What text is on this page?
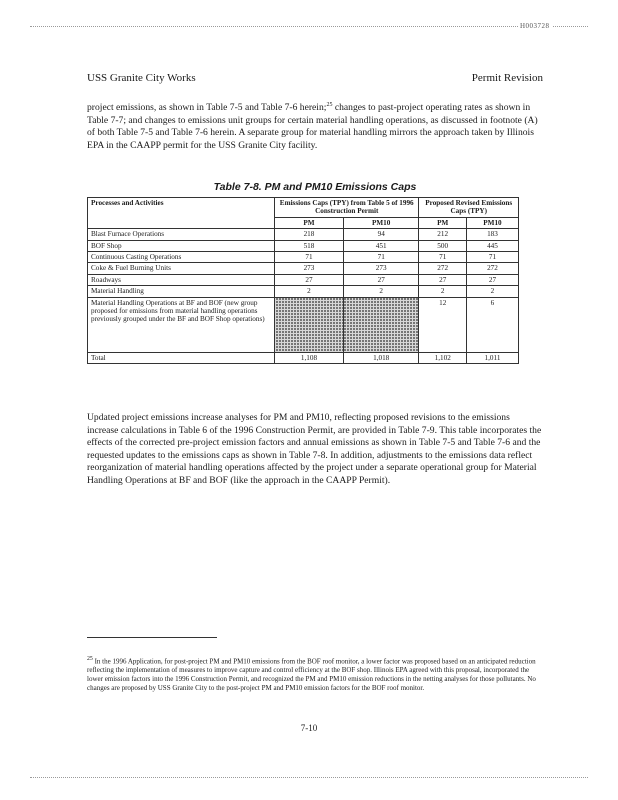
H003728
USS Granite City Works	Permit Revision
project emissions, as shown in Table 7-5 and Table 7-6 herein;$^{25}$ changes to past-project operating rates as shown in Table 7-7; and changes to emissions unit groups for certain material handling operations, as discussed in footnote (A) of both Table 7-5 and Table 7-6 herein. A separate group for material handling mirrors the approach taken by Illinois EPA in the CAAPP permit for the USS Granite City facility.
Table 7-8. PM and PM10 Emissions Caps
Processes and Activities	Emissions Caps (TPY) from Table 5 of 1996 Construction Permit		Proposed Revised Emissions Caps (TPY)	
	PM	PM10	PM	PM10
Blast Furnace Operations	218	94	212	183
BOF Shop	518	451	500	445
Continuous Casting Operations	71	71	71	71
Coke & Fuel Burning Units	273	273	272	272
Roadways	27	27	27	27
Material Handling	2	2	2	2
Material Handling Operations at BF and BOF (new group proposed for emissions from material handling operations previously grouped under the BF and BOF Shop operations)			12	6
Total	1,108	1,018	1,102	1,011
Updated project emissions increase analyses for PM and PM10, reflecting proposed revisions to the emissions increase calculations in Table 6 of the 1996 Construction Permit, are provided in Table 7-9. This table incorporates the effects of the corrected pre-project emission factors and annual emissions as shown in Table 7-5 and Table 7-6 and the requested updates to the emissions caps as shown in Table 7-8. In addition, adjustments to the emissions data reflect reorganization of material handling operations affected by the project under a separate operational group for Material Handling Operations at BF and BOF (like the approach in the CAAPP Permit).
$^{25}$ In the 1996 Application, for post-project PM and PM10 emissions from the BOF roof monitor, a lower factor was proposed based on an anticipated reduction reflecting the implementation of measures to improve capture and control efficiency at the BOF shop. Illinois EPA agreed with this proposal, incorporated the lower emission factors into the 1996 Construction Permit, and recognized the PM and PM10 emission reductions in the netting analyses for those pollutants. No changes are proposed by USS Granite City to the post-project PM and PM10 emission factors for the BOF roof monitor.
7-10
